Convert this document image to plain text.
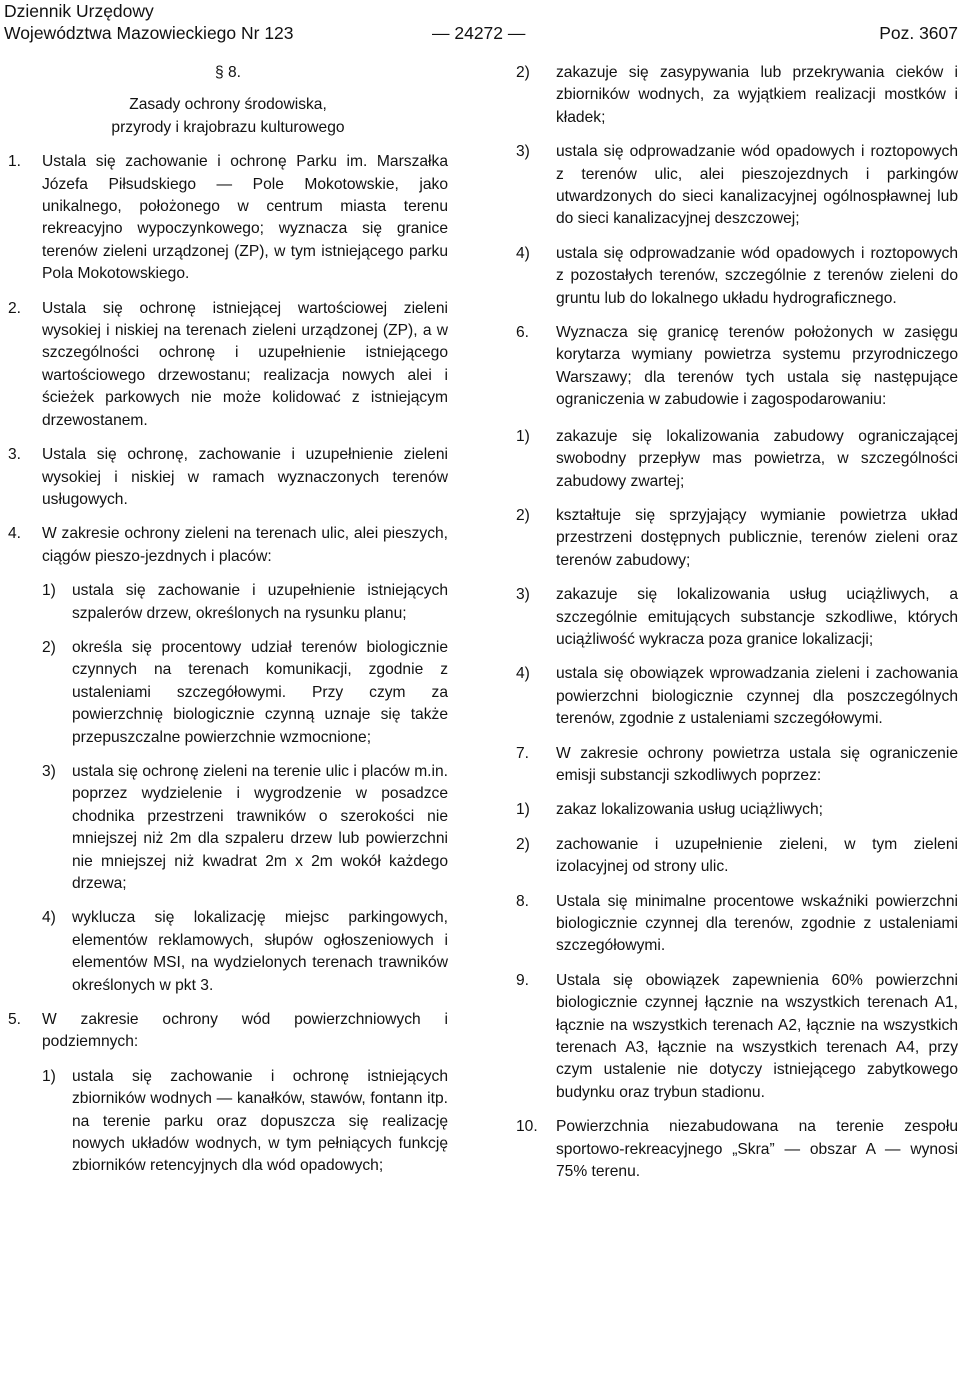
Dziennik Urzędowy
Województwa Mazowieckiego Nr 123	— 24272 —	Poz. 3607
§ 8.
Zasady ochrony środowiska,
przyrody i krajobrazu kulturowego
1.	Ustala się zachowanie i ochronę Parku im. Marszałka Józefa Piłsudskiego — Pole Mokotowskie, jako unikalnego, położonego w centrum miasta terenu rekreacyjno wypoczynkowego; wyznacza się granice terenów zieleni urządzonej (ZP), w tym istniejącego parku Pola Mokotowskiego.
2.	Ustala się ochronę istniejącej wartościowej zieleni wysokiej i niskiej na terenach zieleni urządzonej (ZP), a w szczególności ochronę i uzupełnienie istniejącego wartościowego drzewostanu; realizacja nowych alei i ścieżek parkowych nie może kolidować z istniejącym drzewostanem.
3.	Ustala się ochronę, zachowanie i uzupełnienie zieleni wysokiej i niskiej w ramach wyznaczonych terenów usługowych.
4.	W zakresie ochrony zieleni na terenach ulic, alei pieszych, ciągów pieszo-jezdnych i placów:
1)	ustala się zachowanie i uzupełnienie istniejących szpalerów drzew, określonych na rysunku planu;
2)	określa się procentowy udział terenów biologicznie czynnych na terenach komunikacji, zgodnie z ustaleniami szczegółowymi. Przy czym za powierzchnię biologicznie czynną uznaje się także przepuszczalne powierzchnie wzmocnione;
3)	ustala się ochronę zieleni na terenie ulic i placów m.in. poprzez wydzielenie i wygrodzenie w posadzce chodnika przestrzeni trawników o szerokości nie mniejszej niż 2m dla szpaleru drzew lub powierzchni nie mniejszej niż kwadrat 2m x 2m wokół każdego drzewa;
4)	wyklucza się lokalizację miejsc parkingowych, elementów reklamowych, słupów ogłoszeniowych i elementów MSI, na wydzielonych terenach trawników określonych w pkt 3.
5.	W zakresie ochrony wód powierzchniowych i podziemnych:
1)	ustala się zachowanie i ochronę istniejących zbiorników wodnych — kanałków, stawów, fontann itp. na terenie parku oraz dopuszcza się realizację nowych układów wodnych, w tym pełniących funkcję zbiorników retencyjnych dla wód opadowych;
2)	zakazuje się zasypywania lub przekrywania cieków i zbiorników wodnych, za wyjątkiem realizacji mostków i kładek;
3)	ustala się odprowadzanie wód opadowych i roztopowych z terenów ulic, alei pieszojezdnych i parkingów utwardzonych do sieci kanalizacyjnej ogólnospławnej lub do sieci kanalizacyjnej deszczowej;
4)	ustala się odprowadzanie wód opadowych i roztopowych z pozostałych terenów, szczególnie z terenów zieleni do gruntu lub do lokalnego układu hydrograficznego.
6.	Wyznacza się granicę terenów położonych w zasięgu korytarza wymiany powietrza systemu przyrodniczego Warszawy; dla terenów tych ustala się następujące ograniczenia w zabudowie i zagospodarowaniu:
1)	zakazuje się lokalizowania zabudowy ograniczającej swobodny przepływ mas powietrza, w szczególności zabudowy zwartej;
2)	kształtuje się sprzyjający wymianie powietrza układ przestrzeni dostępnych publicznie, terenów zieleni oraz terenów zabudowy;
3)	zakazuje się lokalizowania usług uciążliwych, a szczególnie emitujących substancje szkodliwe, których uciążliwość wykracza poza granice lokalizacji;
4)	ustala się obowiązek wprowadzania zieleni i zachowania powierzchni biologicznie czynnej dla poszczególnych terenów, zgodnie z ustaleniami szczegółowymi.
7.	W zakresie ochrony powietrza ustala się ograniczenie emisji substancji szkodliwych poprzez:
1)	zakaz lokalizowania usług uciążliwych;
2)	zachowanie i uzupełnienie zieleni, w tym zieleni izolacyjnej od strony ulic.
8.	Ustala się minimalne procentowe wskaźniki powierzchni biologicznie czynnej dla terenów, zgodnie z ustaleniami szczegółowymi.
9.	Ustala się obowiązek zapewnienia 60% powierzchni biologicznie czynnej łącznie na wszystkich terenach A1, łącznie na wszystkich terenach A2, łącznie na wszystkich terenach A3, łącznie na wszystkich terenach A4, przy czym ustalenie nie dotyczy istniejącego zabytkowego budynku oraz trybun stadionu.
10.	Powierzchnia niezabudowana na terenie zespołu sportowo-rekreacyjnego „Skra” — obszar A — wynosi 75% terenu.
